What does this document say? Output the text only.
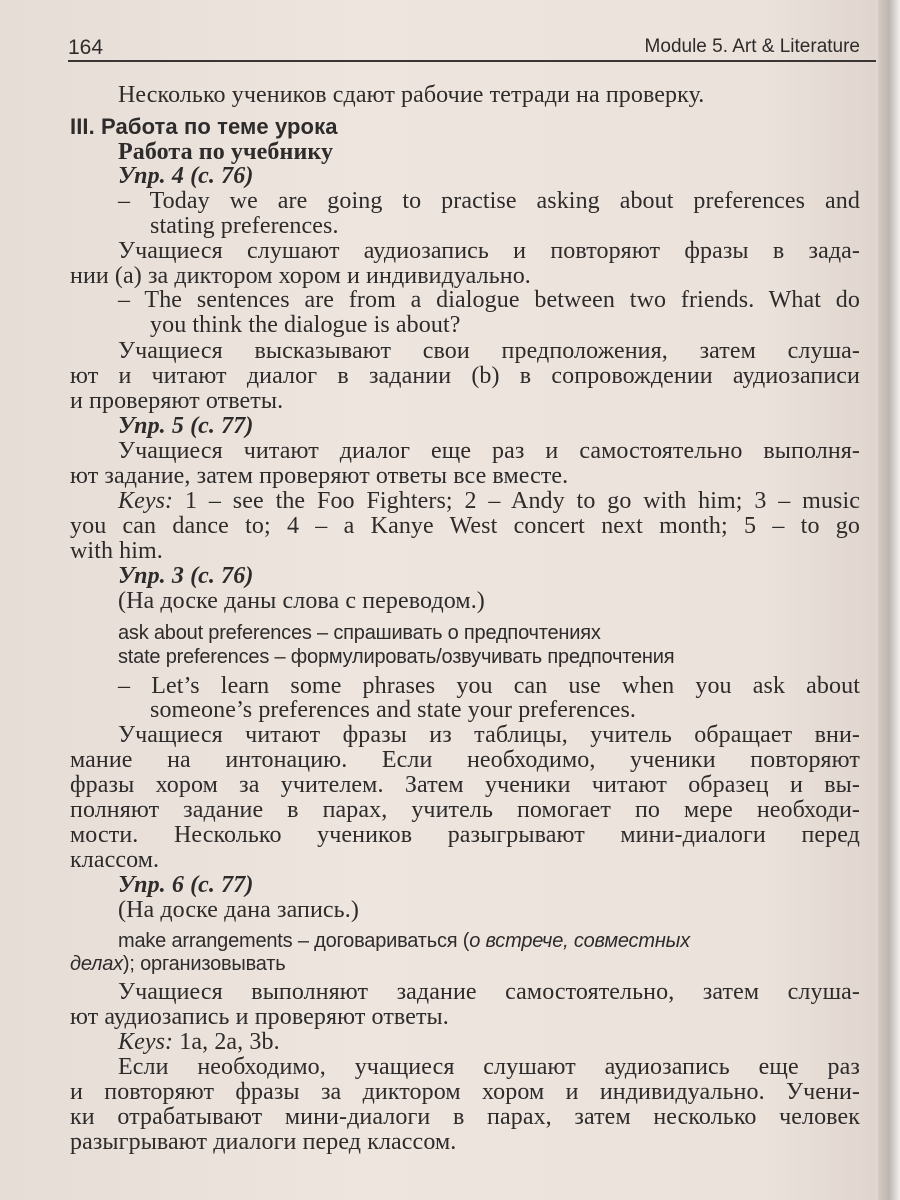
164	Module 5. Art & Literature
Несколько учеников сдают рабочие тетради на проверку.
III. Работа по теме урока
Работа по учебнику
Упр. 4 (с. 76)
– Today we are going to practise asking about preferences and
stating preferences.
Учащиеся слушают аудиозапись и повторяют фразы в зада-
нии (a) за диктором хором и индивидуально.
– The sentences are from a dialogue between two friends. What do
you think the dialogue is about?
Учащиеся высказывают свои предположения, затем слуша-
ют и читают диалог в задании (b) в сопровождении аудиозаписи
и проверяют ответы.
Упр. 5 (с. 77)
Учащиеся читают диалог еще раз и самостоятельно выполня-
ют задание, затем проверяют ответы все вместе.
Keys: 1 – see the Foo Fighters; 2 – Andy to go with him; 3 – music
you can dance to; 4 – a Kanye West concert next month; 5 – to go
with him.
Упр. 3 (с. 76)
(На доске даны слова с переводом.)
ask about preferences – спрашивать о предпочтениях
state preferences – формулировать/озвучивать предпочтения
– Let’s learn some phrases you can use when you ask about
someone’s preferences and state your preferences.
Учащиеся читают фразы из таблицы, учитель обращает вни-
мание на интонацию. Если необходимо, ученики повторяют
фразы хором за учителем. Затем ученики читают образец и вы-
полняют задание в парах, учитель помогает по мере необходи-
мости. Несколько учеников разыгрывают мини-диалоги перед
классом.
Упр. 6 (с. 77)
(На доске дана запись.)
make arrangements – договариваться (о встрече, совместных
делах); организовывать
Учащиеся выполняют задание самостоятельно, затем слуша-
ют аудиозапись и проверяют ответы.
Keys: 1a, 2a, 3b.
Если необходимо, учащиеся слушают аудиозапись еще раз
и повторяют фразы за диктором хором и индивидуально. Учени-
ки отрабатывают мини-диалоги в парах, затем несколько человек
разыгрывают диалоги перед классом.
